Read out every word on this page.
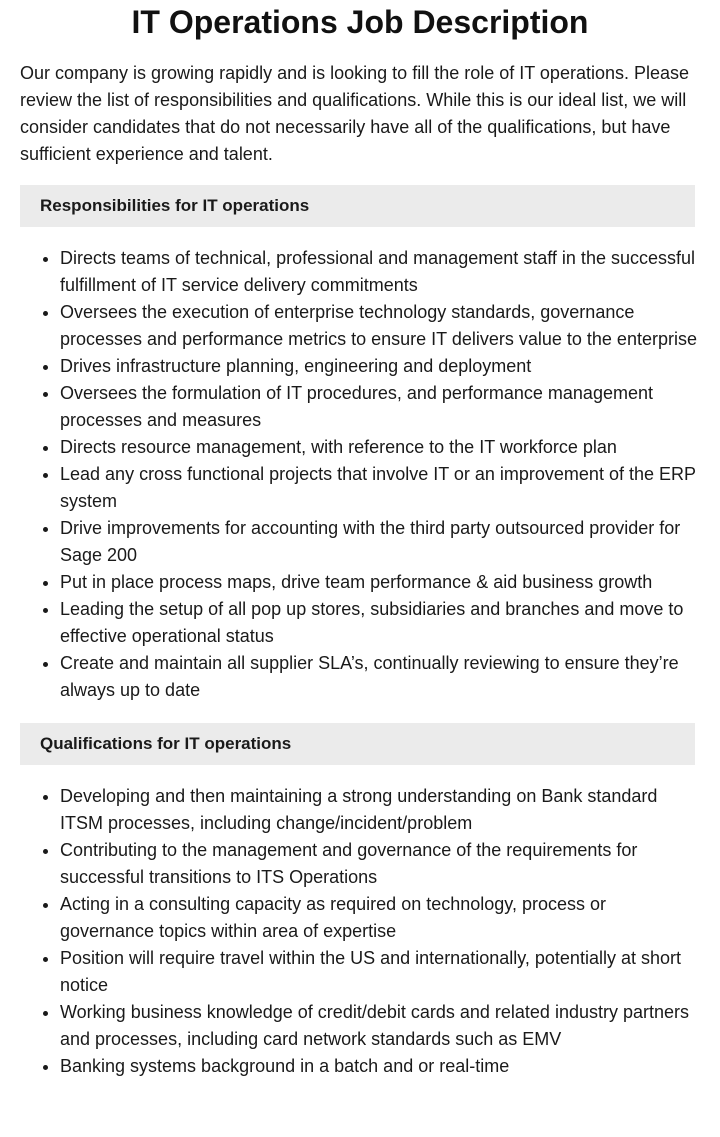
IT Operations Job Description

Our company is growing rapidly and is looking to fill the role of IT operations. Please review the list of responsibilities and qualifications. While this is our ideal list, we will consider candidates that do not necessarily have all of the qualifications, but have sufficient experience and talent.

Responsibilities for IT operations
• Directs teams of technical, professional and management staff in the successful fulfillment of IT service delivery commitments
• Oversees the execution of enterprise technology standards, governance processes and performance metrics to ensure IT delivers value to the enterprise
• Drives infrastructure planning, engineering and deployment
• Oversees the formulation of IT procedures, and performance management processes and measures
• Directs resource management, with reference to the IT workforce plan
• Lead any cross functional projects that involve IT or an improvement of the ERP system
• Drive improvements for accounting with the third party outsourced provider for Sage 200
• Put in place process maps, drive team performance & aid business growth
• Leading the setup of all pop up stores, subsidiaries and branches and move to effective operational status
• Create and maintain all supplier SLA’s, continually reviewing to ensure they’re always up to date
Qualifications for IT operations
• Developing and then maintaining a strong understanding on Bank standard ITSM processes, including change/incident/problem
• Contributing to the management and governance of the requirements for successful transitions to ITS Operations
• Acting in a consulting capacity as required on technology, process or governance topics within area of expertise
• Position will require travel within the US and internationally, potentially at short notice
• Working business knowledge of credit/debit cards and related industry partners and processes, including card network standards such as EMV
• Banking systems background in a batch and or real-time
